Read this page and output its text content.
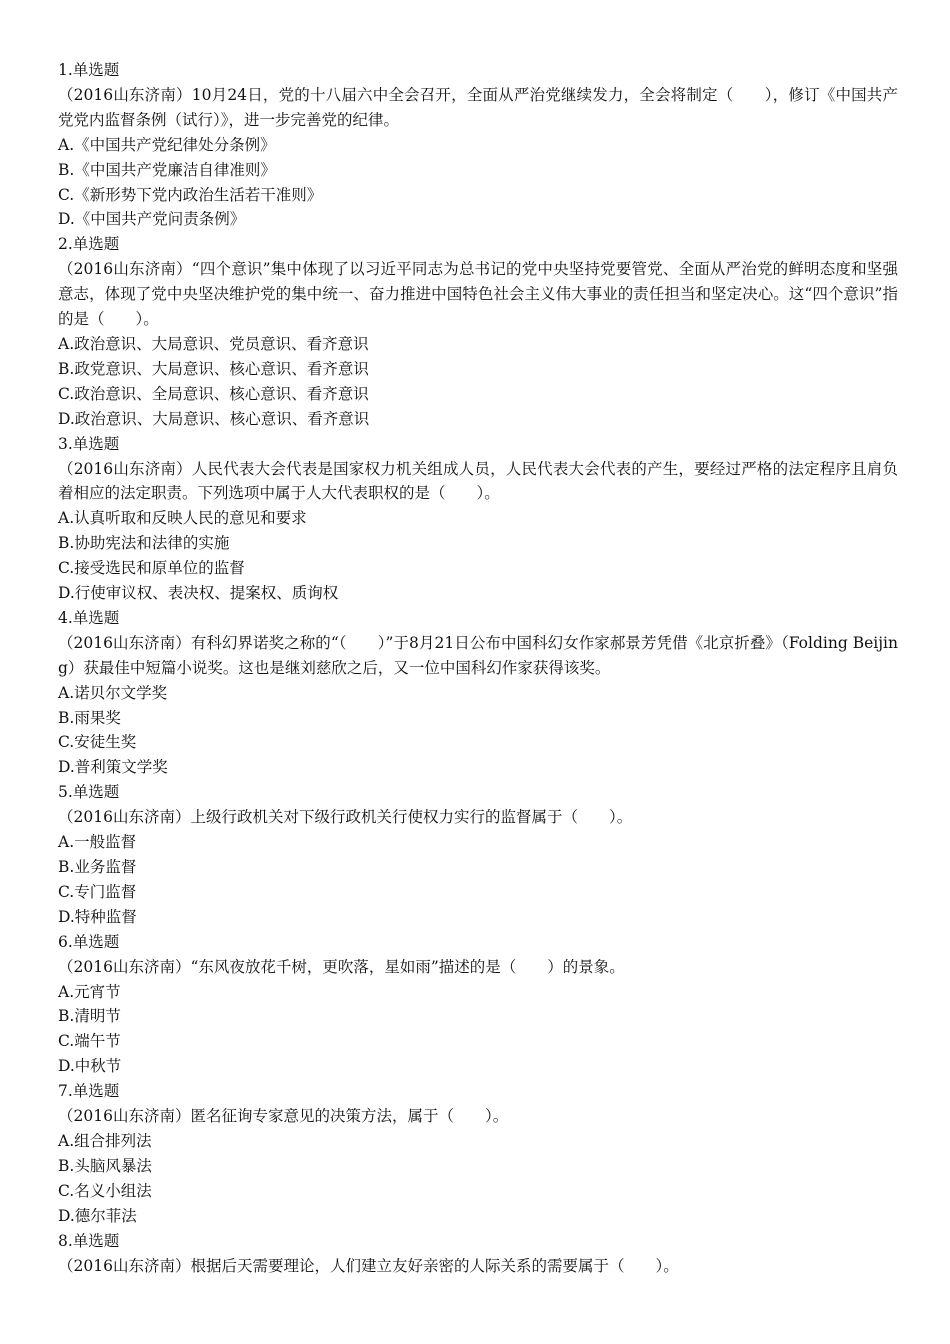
1.单选题
（2016山东济南）10月24日，党的十八届六中全会召开，全面从严治党继续发力，全会将制定（　　），修订《中国共产党党内监督条例（试行）》，进一步完善党的纪律。
A.《中国共产党纪律处分条例》
B.《中国共产党廉洁自律准则》
C.《新形势下党内政治生活若干准则》
D.《中国共产党问责条例》
2.单选题
（2016山东济南）“四个意识”集中体现了以习近平同志为总书记的党中央坚持党要管党、全面从严治党的鲜明态度和坚强意志，体现了党中央坚决维护党的集中统一、奋力推进中国特色社会主义伟大事业的责任担当和坚定决心。这“四个意识”指的是（　　）。
A.政治意识、大局意识、党员意识、看齐意识
B.政党意识、大局意识、核心意识、看齐意识
C.政治意识、全局意识、核心意识、看齐意识
D.政治意识、大局意识、核心意识、看齐意识
3.单选题
（2016山东济南）人民代表大会代表是国家权力机关组成人员，人民代表大会代表的产生，要经过严格的法定程序且肩负着相应的法定职责。下列选项中属于人大代表职权的是（　　）。
A.认真听取和反映人民的意见和要求
B.协助宪法和法律的实施
C.接受选民和原单位的监督
D.行使审议权、表决权、提案权、质询权
4.单选题
（2016山东济南）有科幻界诺奖之称的“（　　）”于8月21日公布中国科幻女作家郝景芳凭借《北京折叠》（Folding Beijing）获最佳中短篇小说奖。这也是继刘慈欣之后，又一位中国科幻作家获得该奖。
A.诺贝尔文学奖
B.雨果奖
C.安徒生奖
D.普利策文学奖
5.单选题
（2016山东济南）上级行政机关对下级行政机关行使权力实行的监督属于（　　）。
A.一般监督
B.业务监督
C.专门监督
D.特种监督
6.单选题
（2016山东济南）“东风夜放花千树，更吹落，星如雨”描述的是（　　）的景象。
A.元宵节
B.清明节
C.端午节
D.中秋节
7.单选题
（2016山东济南）匿名征询专家意见的决策方法，属于（　　）。
A.组合排列法
B.头脑风暴法
C.名义小组法
D.德尔菲法
8.单选题
（2016山东济南）根据后天需要理论，人们建立友好亲密的人际关系的需要属于（　　）。
